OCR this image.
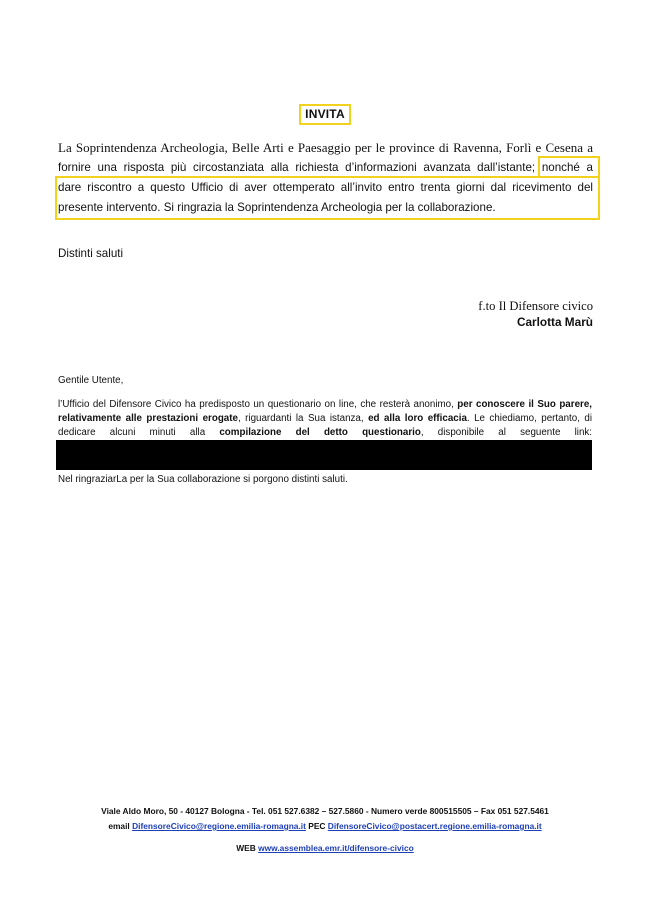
INVITA
La Soprintendenza Archeologia, Belle Arti e Paesaggio per le province di Ravenna, Forlì e Cesena a
fornire una risposta più circostanziata alla richiesta d’informazioni avanzata dall’istante; nonché a
dare riscontro a questo Ufficio di aver ottemperato all’invito entro trenta giorni dal ricevimento del
presente intervento. Si ringrazia la Soprintendenza Archeologia per la collaborazione.
Distinti saluti
f.to Il Difensore civico
Carlotta Marù
Gentile Utente,
l’Ufficio del Difensore Civico ha predisposto un questionario on line, che resterà anonimo, per conoscere il Suo parere,
relativamente alle prestazioni erogate, riguardanti la Sua istanza, ed alla loro efficacia. Le chiediamo, pertanto, di
dedicare alcuni minuti alla compilazione del detto questionario, disponibile al seguente link:
Nel ringraziarLa per la Sua collaborazione si porgono distinti saluti.
Viale Aldo Moro, 50 - 40127 Bologna - Tel. 051 527.6382 – 527.5860 - Numero verde 800515505 – Fax 051 527.5461
email DifensoreCivico@regione.emilia-romagna.it PEC DifensoreCivico@postacert.regione.emilia-romagna.it
WEB www.assemblea.emr.it/difensore-civico
